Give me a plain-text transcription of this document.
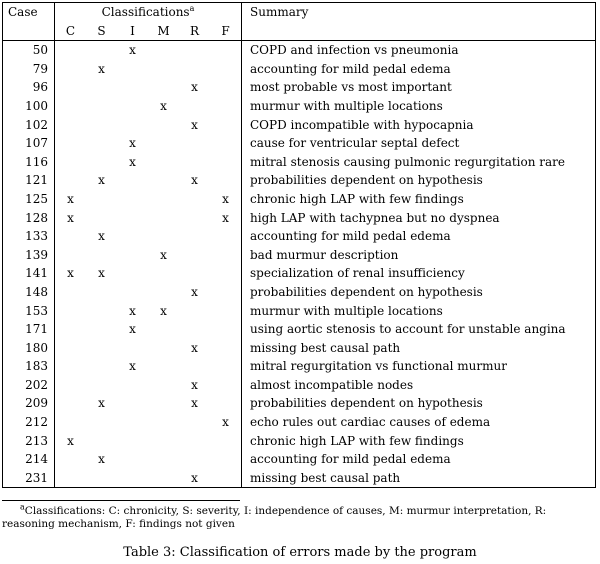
Case	Classifications$^a$						Summary
	C	S	I	M	R	F	
50			x				COPD and infection vs pneumonia
79		x					accounting for mild pedal edema
96					x		most probable vs most important
100				x			murmur with multiple locations
102					x		COPD incompatible with hypocapnia
107			x				cause for ventricular septal defect
116			x				mitral stenosis causing pulmonic regurgitation rare
121		x			x		probabilities dependent on hypothesis
125	x					x	chronic high LAP with few findings
128	x					x	high LAP with tachypnea but no dyspnea
133		x					accounting for mild pedal edema
139				x			bad murmur description
141	x	x					specialization of renal insufficiency
148					x		probabilities dependent on hypothesis
153			x	x			murmur with multiple locations
171			x				using aortic stenosis to account for unstable angina
180					x		missing best causal path
183			x				mitral regurgitation vs functional murmur
202					x		almost incompatible nodes
209		x			x		probabilities dependent on hypothesis
212						x	echo rules out cardiac causes of edema
213	x						chronic high LAP with few findings
214		x					accounting for mild pedal edema
231					x		missing best causal path
$^a$Classifications: C: chronicity, S: severity, I: independence of causes, M: murmur interpretation, R: reasoning mechanism, F: findings not given
Table 3: Classification of errors made by the program
